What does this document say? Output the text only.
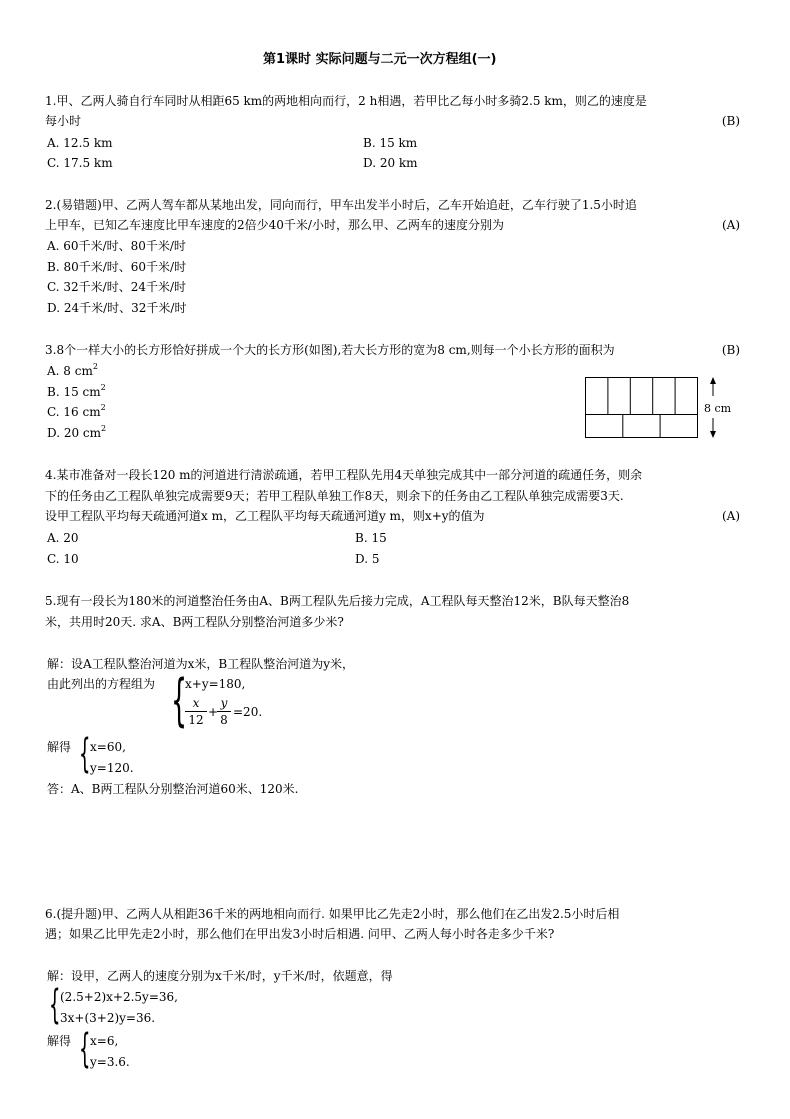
第1课时 实际问题与二元一次方程组(一)
1.甲、乙两人骑自行车同时从相距65 km的两地相向而行，2 h相遇，若甲比乙每小时多骑2.5 km，则乙的速度是
每小时	(B)
A. 12.5 km	B. 15 km
C. 17.5 km	D. 20 km
2.(易错题)甲、乙两人驾车都从某地出发，同向而行，甲车出发半小时后，乙车开始追赶，乙车行驶了1.5小时追
上甲车，已知乙车速度比甲车速度的2倍少40千米/小时，那么甲、乙两车的速度分别为	(A)
A. 60千米/时、80千米/时
B. 80千米/时、60千米/时
C. 32千米/时、24千米/时
D. 24千米/时、32千米/时
3.8个一样大小的长方形恰好拼成一个大的长方形(如图),若大长方形的宽为8 cm,则每一个小长方形的面积为	(B)
A. 8 $cm^2$
B. 15 $cm^2$
C. 16 $cm^2$
D. 20 $cm^2$
8 cm
4.某市准备对一段长120 m的河道进行清淤疏通，若甲工程队先用4天单独完成其中一部分河道的疏通任务，则余
下的任务由乙工程队单独完成需要9天；若甲工程队单独工作8天，则余下的任务由乙工程队单独完成需要3天.
设甲工程队平均每天疏通河道x m，乙工程队平均每天疏通河道y m，则x+y的值为	(A)
A. 20	B. 15
C. 10	D. 5
5.现有一段长为180米的河道整治任务由A、B两工程队先后接力完成，A工程队每天整治12米，B队每天整治8
米，共用时20天. 求A、B两工程队分别整治河道多少米?
解：设A工程队整治河道为x米，B工程队整治河道为y米，
由此列出的方程组为 {
x+y=180,
x
12
+
y
8
=20.
解得 { x=60,
y=120.
答：A、B两工程队分别整治河道60米、120米.
6.(提升题)甲、乙两人从相距36千米的两地相向而行. 如果甲比乙先走2小时，那么他们在乙出发2.5小时后相
遇；如果乙比甲先走2小时，那么他们在甲出发3小时后相遇. 问甲、乙两人每小时各走多少千米?
解：设甲，乙两人的速度分别为x千米/时，y千米/时，依题意，得
{ (2.5+2)x+2.5y=36,
3x+(3+2)y=36.
解得 { x=6,
y=3.6.
